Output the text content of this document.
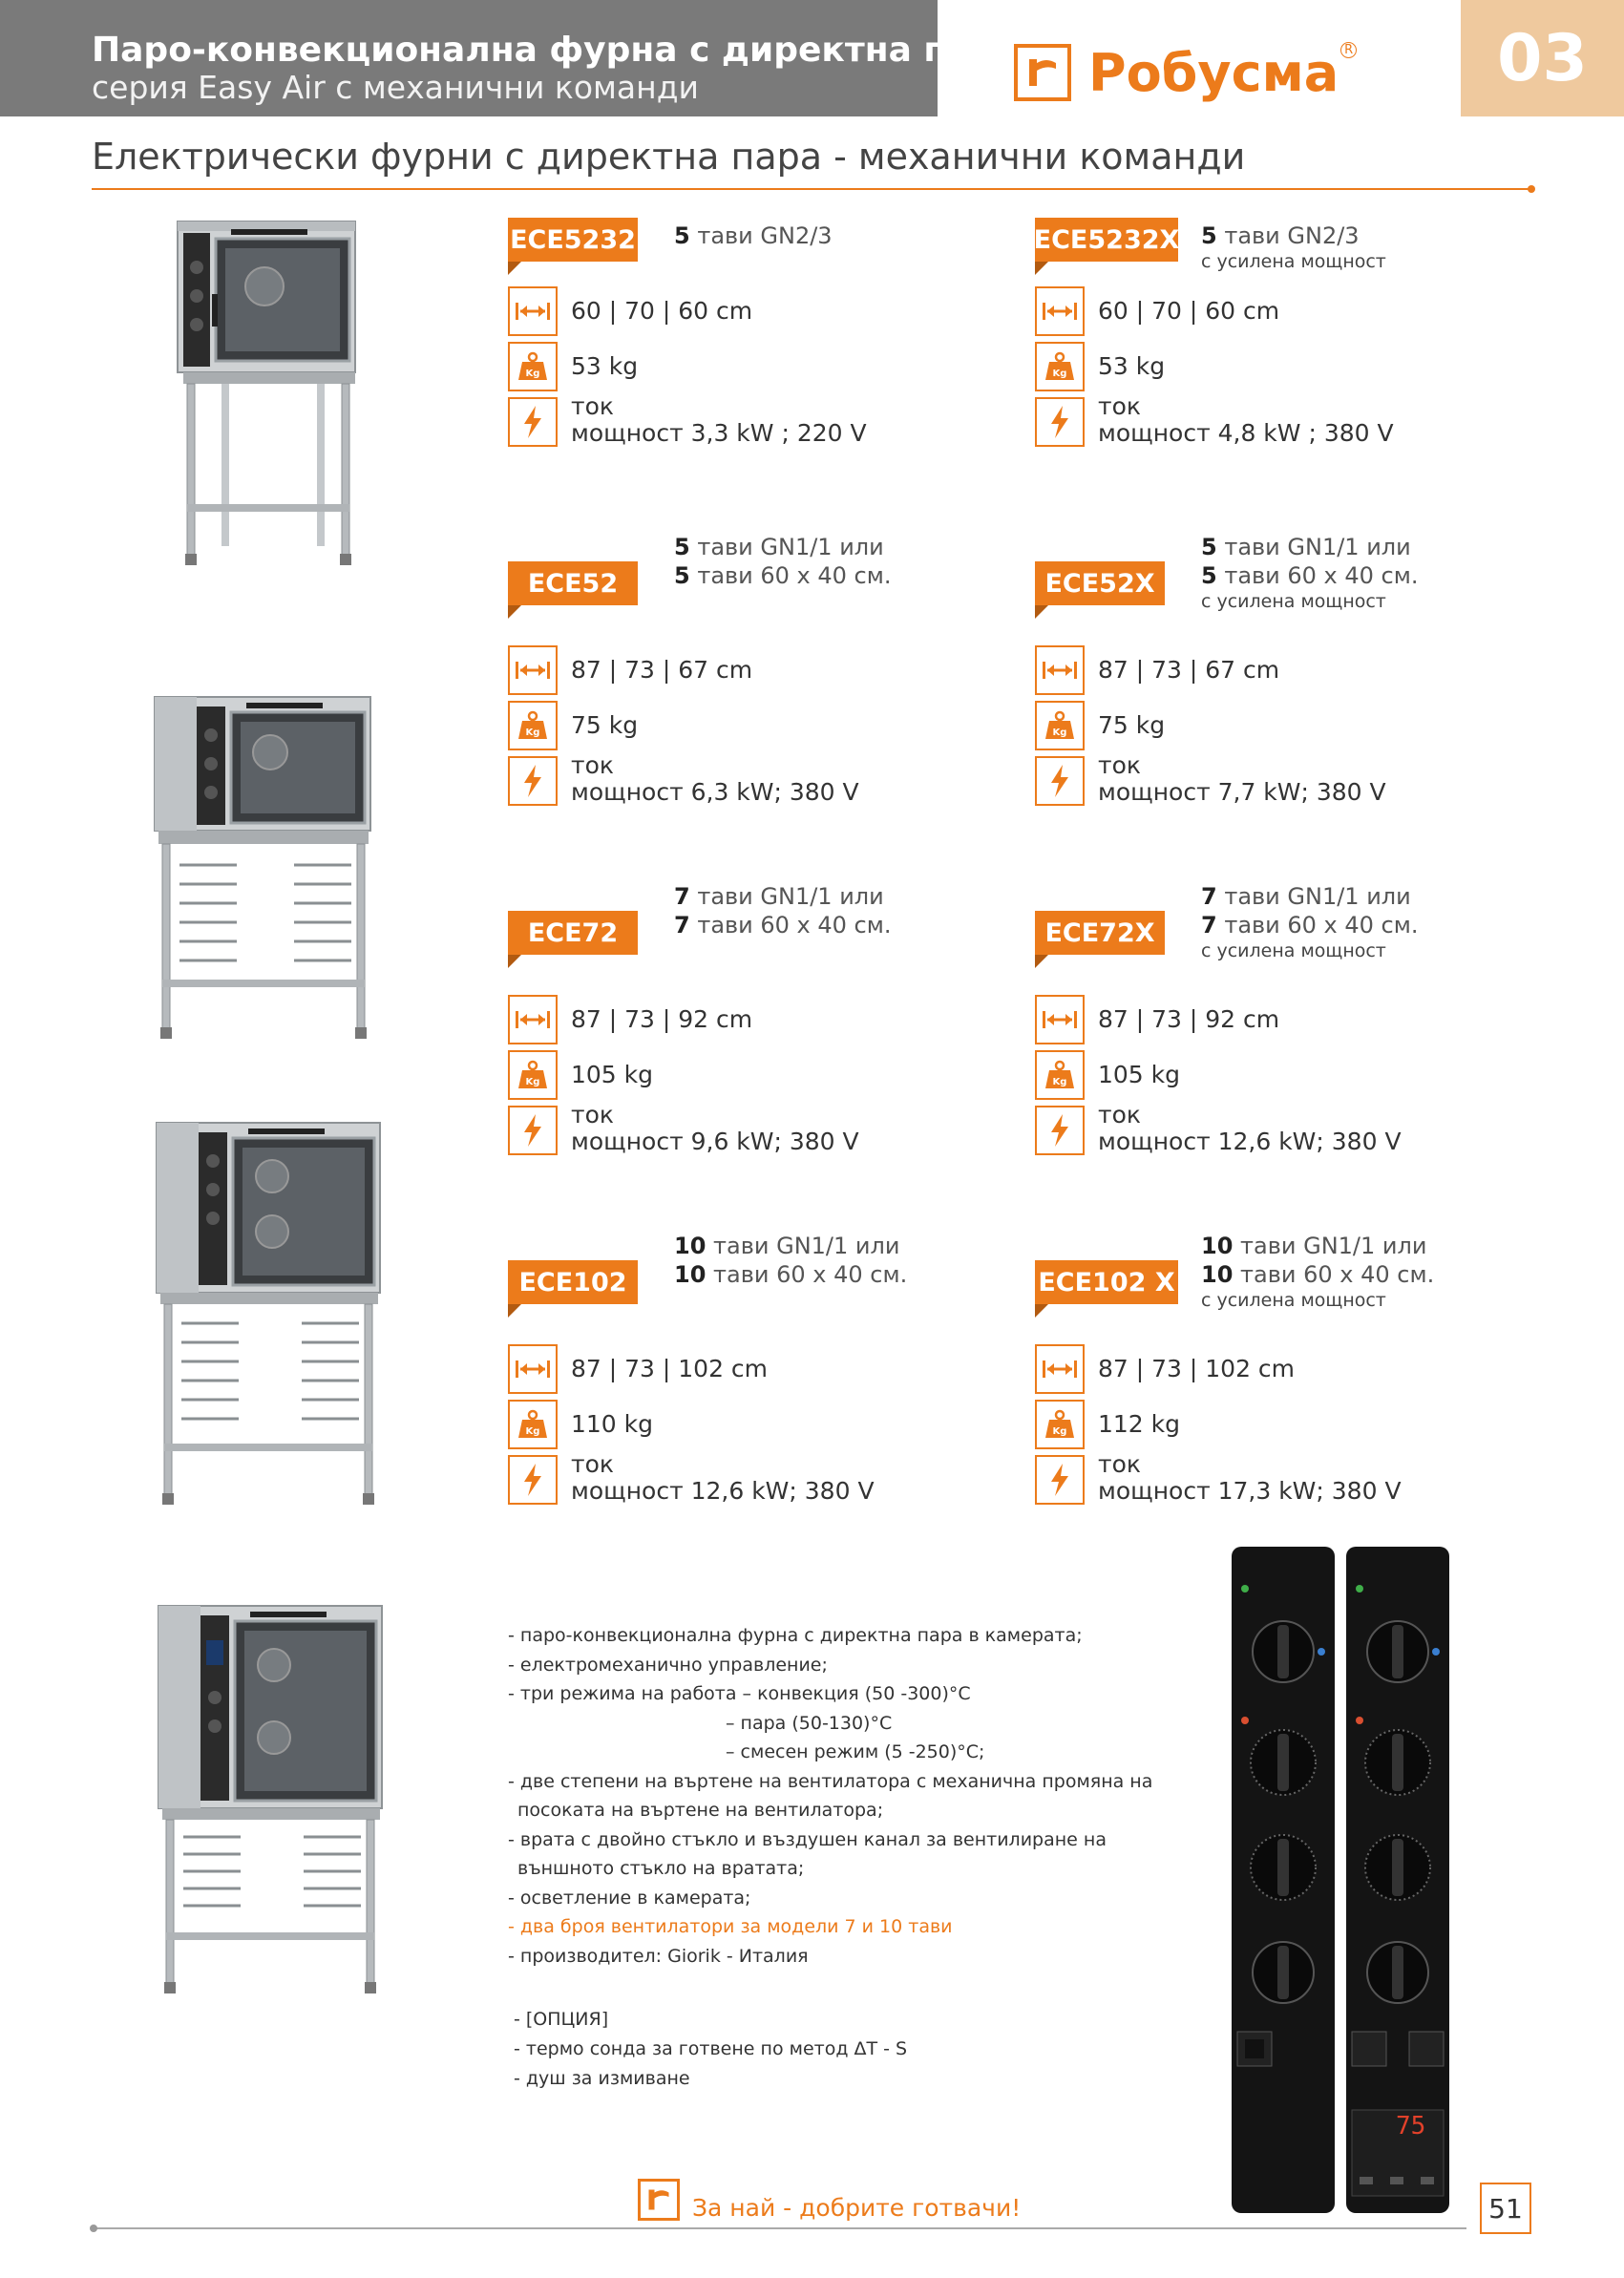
Паро-конвекционална фурна с директна пара
серия Easy Air с механични команди	Робусма R	03
Електрически фурни с директна пара - механични команди
ECE5232 5 тави GN2/3
60 | 70 | 60 cm
Kg 53 kg
ток
мощност 3,3 kW ; 220 V
ECE5232X 5 тави GN2/3
с усилена мощност
60 | 70 | 60 cm
Kg 53 kg
ток
мощност 4,8 kW ; 380 V
ECE52
5 тави GN1/1 или
5 тави 60 х 40 см.
87 | 73 | 67 cm
Kg 75 kg
ток
мощност 6,3 kW; 380 V
ECE52X
5 тави GN1/1 или
5 тави 60 х 40 см.
с усилена мощност
87 | 73 | 67 cm
Kg 75 kg
ток
мощност 7,7 kW; 380 V
ECE72
7 тави GN1/1 или
7 тави 60 х 40 см.
87 | 73 | 92 cm
Kg 105 kg
ток
мощност 9,6 kW; 380 V
ECE72X
7 тави GN1/1 или
7 тави 60 х 40 см.
с усилена мощност
87 | 73 | 92 cm
Kg 105 kg
ток
мощност 12,6 kW; 380 V
ECE102
10 тави GN1/1 или
10 тави 60 х 40 см.
87 | 73 | 102 cm
Kg 110 kg
ток
мощност 12,6 kW; 380 V
ECE102 X
10 тави GN1/1 или
10 тави 60 х 40 см.
с усилена мощност
87 | 73 | 102 cm
Kg 112 kg
ток
мощност 17,3 kW; 380 V
- паро-конвекционална фурна с директна пара в камерата;
- електромеханично управление;
- три режима на работа – конвекция (50 -300)°С
– пара (50-130)°С
– смесен режим (5 -250)°С;
- две степени на въртене на вентилатора с механична промяна на
посоката на въртене на вентилатора;
- врата с двойно стъкло и въздушен канал за вентилиране на
външното стъкло на вратата;
- осветление в камерата;
- два броя вентилатори за модели 7 и 10 тави
- производител: Giorik - Италия
- [ОПЦИЯ]
- термо сонда за готвене по метод ΔT - S
- душ за измиване
75
За най - добрите готвачи!	51
